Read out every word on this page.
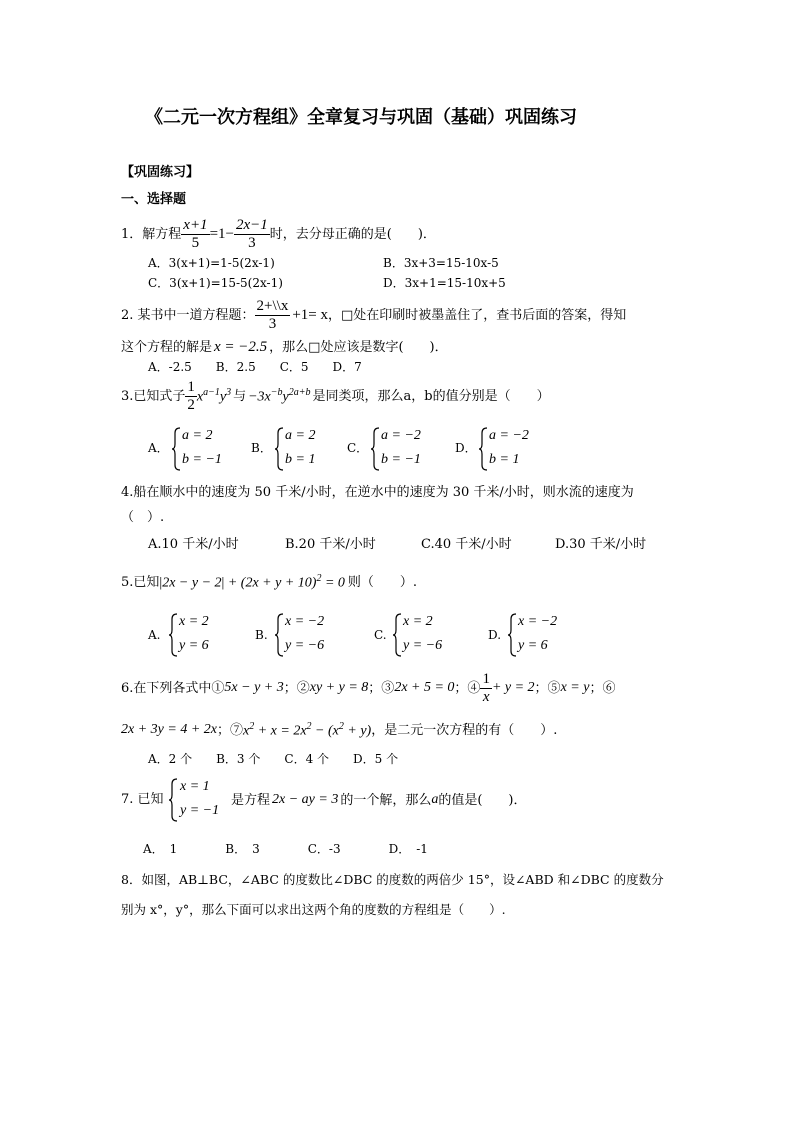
《二元一次方程组》全章复习与巩固（基础）巩固练习
【巩固练习】
一、选择题
1．解方程 $\frac{x+1}{5} =1- \frac{2x-1}{3}$ 时，去分母正确的是(　　)．
A．3(x+1)=1-5(2x-1)	B．3x+3=15-10x-5
C．3(x+1)=15-5(2x-1)	D．3x+1=15-10x+5
2. 某书中一道方程题： $\frac{2+\backslash\backslash x}{3} +1= x$ ，□处在印刷时被墨盖住了，查书后面的答案，得知
这个方程的解是 x = −2.5 ，那么□处应该是数字(　　)．
A．-2.5　　B．2.5　　C．5　　D．7
3.已知式子 $\frac{1}{2} x^{a-1}y^3$ 与 $-3x^{-b}y^{2a+b}$ 是同类项，那么a，b的值分别是（　　）
A．
a = 2
b = −1
B．
a = 2
b = 1
C．
a = −2
b = −1
D．
a = −2
b = 1
4.船在顺水中的速度为 50 千米/小时，在逆水中的速度为 30 千米/小时，则水流的速度为
（　）.
A.10 千米/小时	B.20 千米/小时	C.40 千米/小时	D.30 千米/小时
5.已知 $|2x - y - 2| + (2x + y + 10)^2 = 0$ 则（　　）.
A.
x = 2
y = 6
B.
x = −2
y = −6
C.
x = 2
y = −6
D.
x = −2
y = 6
6.在下列各式中① 5x − y + 3 ；② xy + y = 8 ；③ 2x + 5 = 0 ；④ $\frac{1}{x} + y = 2$ ；⑤ x = y ；⑥
2x + 3y = 4 + 2x ；⑦ $x^2 + x = 2x^2 - (x^2 + y)$ ，是二元一次方程的有（　　）.
A．2 个　　B．3 个　　C．4 个　　D．5 个
7. 已知
x = 1
y = −1
是方程 2x − ay = 3 的一个解，那么 a 的值是(　　)．
A．　1　　　　B．　3　　　　C．-3　　　　D．　-1
8．如图，AB⊥BC，∠ABC 的度数比∠DBC 的度数的两倍少 15°，设∠ABD 和∠DBC 的度数分
别为 x°，y°，那么下面可以求出这两个角的度数的方程组是（　　）.
